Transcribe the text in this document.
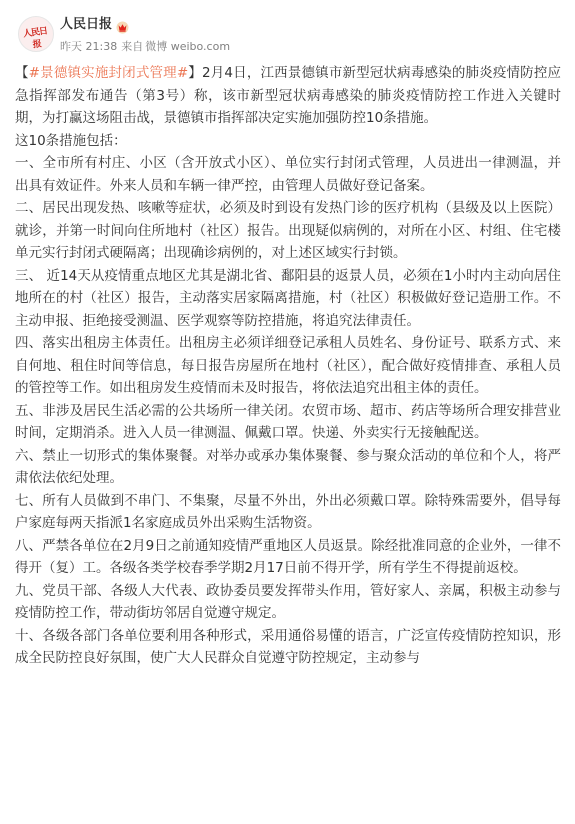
人民日报
人民日报
昨天 21:38 来自 微博 weibo.com

【#景德镇实施封闭式管理#】2月4日，江西景德镇市新型冠状病毒感染的肺炎疫情防控应急指挥部发布通告（第3号）称，该市新型冠状病毒感染的肺炎疫情防控工作进入关键时期，为打赢这场阻击战，景德镇市指挥部决定实施加强防控10条措施。

这10条措施包括：

一、全市所有村庄、小区（含开放式小区）、单位实行封闭式管理，人员进出一律测温，并出具有效证件。外来人员和车辆一律严控，由管理人员做好登记备案。

二、居民出现发热、咳嗽等症状，必须及时到设有发热门诊的医疗机构（县级及以上医院）就诊，并第一时间向住所地村（社区）报告。出现疑似病例的，对所在小区、村组、住宅楼单元实行封闭式硬隔离；出现确诊病例的，对上述区域实行封锁。

三、 近14天从疫情重点地区尤其是湖北省、鄱阳县的返景人员，必须在1小时内主动向居住地所在的村（社区）报告，主动落实居家隔离措施，村（社区）积极做好登记造册工作。不主动申报、拒绝接受测温、医学观察等防控措施，将追究法律责任。

四、落实出租房主体责任。出租房主必须详细登记承租人员姓名、身份证号、联系方式、来自何地、租住时间等信息，每日报告房屋所在地村（社区），配合做好疫情排查、承租人员的管控等工作。如出租房发生疫情而未及时报告，将依法追究出租主体的责任。

五、非涉及居民生活必需的公共场所一律关闭。农贸市场、超市、药店等场所合理安排营业时间，定期消杀。进入人员一律测温、佩戴口罩。快递、外卖实行无接触配送。

六、禁止一切形式的集体聚餐。对举办或承办集体聚餐、参与聚众活动的单位和个人，将严肃依法依纪处理。

七、所有人员做到不串门、不集聚，尽量不外出，外出必须戴口罩。除特殊需要外，倡导每户家庭每两天指派1名家庭成员外出采购生活物资。

八、严禁各单位在2月9日之前通知疫情严重地区人员返景。除经批准同意的企业外，一律不得开（复）工。各级各类学校春季学期2月17日前不得开学，所有学生不得提前返校。

九、党员干部、各级人大代表、政协委员要发挥带头作用，管好家人、亲属，积极主动参与疫情防控工作，带动街坊邻居自觉遵守规定。

十、各级各部门各单位要利用各种形式，采用通俗易懂的语言，广泛宣传疫情防控知识，形成全民防控良好氛围，使广大人民群众自觉遵守防控规定，主动参与
